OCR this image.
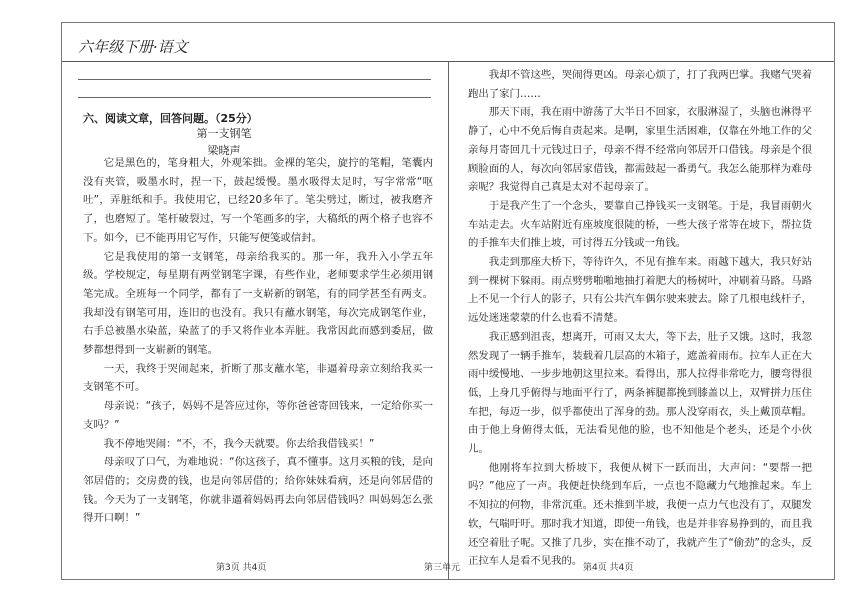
六年级下册·语文
六、阅读文章，回答问题。（25分）
第一支钢笔
梁晓声

它是黑色的，笔身粗大，外观笨拙。金裸的笔尖，旋拧的笔帽，笔囊内没有夹管，吸墨水时，捏一下，鼓起缓慢。墨水吸得太足时，写字常常“呕吐”，弄脏纸和手。我使用它，已经20多年了。笔尖劈过，断过，被我磨齐了，也磨短了。笔杆破裂过，写一个笔画多的字，大稿纸的两个格子也容不下。如今，已不能再用它写作，只能写便笺或信封。

它是我使用的第一支钢笔，母亲给我买的。那一年，我升入小学五年级。学校规定，每星期有两堂钢笔字课，有些作业，老师要求学生必须用钢笔完成。全班每一个同学，都有了一支崭新的钢笔，有的同学甚至有两支。我却没有钢笔可用，连旧的也没有。我只有蘸水钢笔，每次完成钢笔作业，右手总被墨水染蓝，染蓝了的手又将作业本弄脏。我常因此而感到委屈，做梦都想得到一支崭新的钢笔。

一天，我终于哭闹起来，折断了那支蘸水笔，非逼着母亲立刻给我买一支钢笔不可。

母亲说：“孩子，妈妈不是答应过你，等你爸爸寄回钱来，一定给你买一支吗？”

我不停地哭闹：“不，不，我今天就要。你去给我借钱买！”

母亲叹了口气，为难地说：“你这孩子，真不懂事。这月买粮的钱，是向邻居借的；交房费的钱，也是向邻居借的；给你妹妹看病，还是向邻居借的钱。今天为了一支钢笔，你就非逼着妈妈再去向邻居借钱吗？叫妈妈怎么张得开口啊！”

我却不管这些，哭闹得更凶。母亲心烦了，打了我两巴掌。我赌气哭着跑出了家门……

那天下雨，我在雨中游荡了大半日不回家，衣服淋湿了，头脑也淋得平静了，心中不免后悔自责起来。是啊，家里生活困难，仅靠在外地工作的父亲每月寄回几十元钱过日子，母亲不得不经常向邻居开口借钱。母亲是个很顾脸面的人，每次向邻居家借钱，都需鼓起一番勇气。我怎么能那样为难母亲呢？我觉得自己真是太对不起母亲了。

于是我产生了一个念头，要靠自己挣钱买一支钢笔。于是，我冒雨朝火车站走去。火车站附近有座坡度很陡的桥，一些大孩子常等在坡下，帮拉货的手推车夫们推上坡，可讨得五分钱或一角钱。

我走到那座大桥下，等待许久，不见有推车来。雨越下越大，我只好站到一棵树下躲雨。雨点劈劈啪啪地抽打着肥大的杨树叶，冲刷着马路。马路上不见一个行人的影子，只有公共汽车偶尔驶来驶去。除了几根电线杆子，远处迷迷蒙蒙的什么也看不清楚。

我正感到沮丧，想离开，可雨又太大，等下去，肚子又饿。这时，我忽然发现了一辆手推车，装载着几层高的木箱子，遮盖着雨布。拉车人正在大雨中缓慢地、一步步地朝这里拉来。看得出，那人拉得非常吃力，腰弯得很低，上身几乎俯得与地面平行了，两条裤腿都挽到膝盖以上，双臂拼力压住车把，每迈一步，似乎都使出了浑身的劲。那人没穿雨衣，头上戴顶草帽。由于他上身俯得太低，无法看见他的脸，也不知他是个老头，还是个小伙儿。

他刚将车拉到大桥坡下，我便从树下一跃而出，大声问：“要帮一把吗？”他应了一声。我便赶快绕到车后，一点也不隐藏力气地推起来。车上不知拉的何物，非常沉重。还未推到半坡，我便一点力气也没有了，双腿发软，气喘吁吁。那时我才知道，即使一角钱，也是并非容易挣到的，而且我还空着肚子呢。又推了几步，实在推不动了，我就产生了“偷劲”的念头，反正拉车人是看不见我的。

第3页 共4页	第三单元	第4页 共4页
